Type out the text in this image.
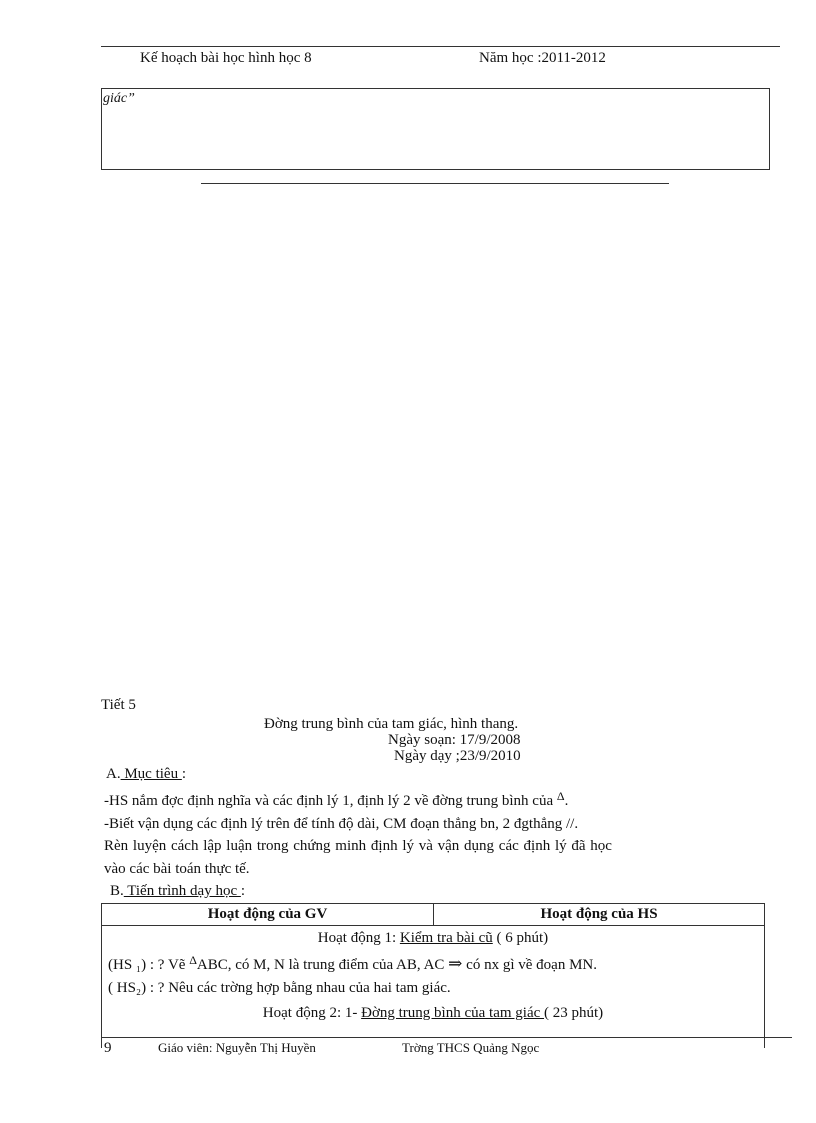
Kế hoạch bài học hình học 8	Năm học :2011-2012
giác”
Tiết 5
Đờng trung bình của tam giác, hình thang.
Ngày soạn: 17/9/2008
Ngày dạy ;23/9/2010
A. Mục tiêu :
-HS nắm đợc định nghĩa và các định lý 1, định lý 2 về đờng trung bình của $^\Delta$.
-Biết vận dụng các định lý trên để tính độ dài, CM đoạn thẳng bn, 2 đgthẳng //.
Rèn luyện cách lập luận trong chứng minh định lý và vận dụng các định lý đã học
vào các bài toán thực tế.
B. Tiến trình dạy học :
Hoạt động của GV	Hoạt động của HS

Hoạt động 1: Kiểm tra bài cũ ( 6 phút)
(HS ₁) : ? Vẽ $^\Delta$ABC, có M, N là trung điểm của AB, AC ⇒ có nx gì về đoạn MN.
( HS₂) : ? Nêu các trờng hợp bằng nhau của hai tam giác.
Hoạt động 2: 1- Đờng trung bình của tam giác ( 23 phút)
9	Giáo viên: Nguyễn Thị Huyền	Trờng THCS Quảng Ngọc
